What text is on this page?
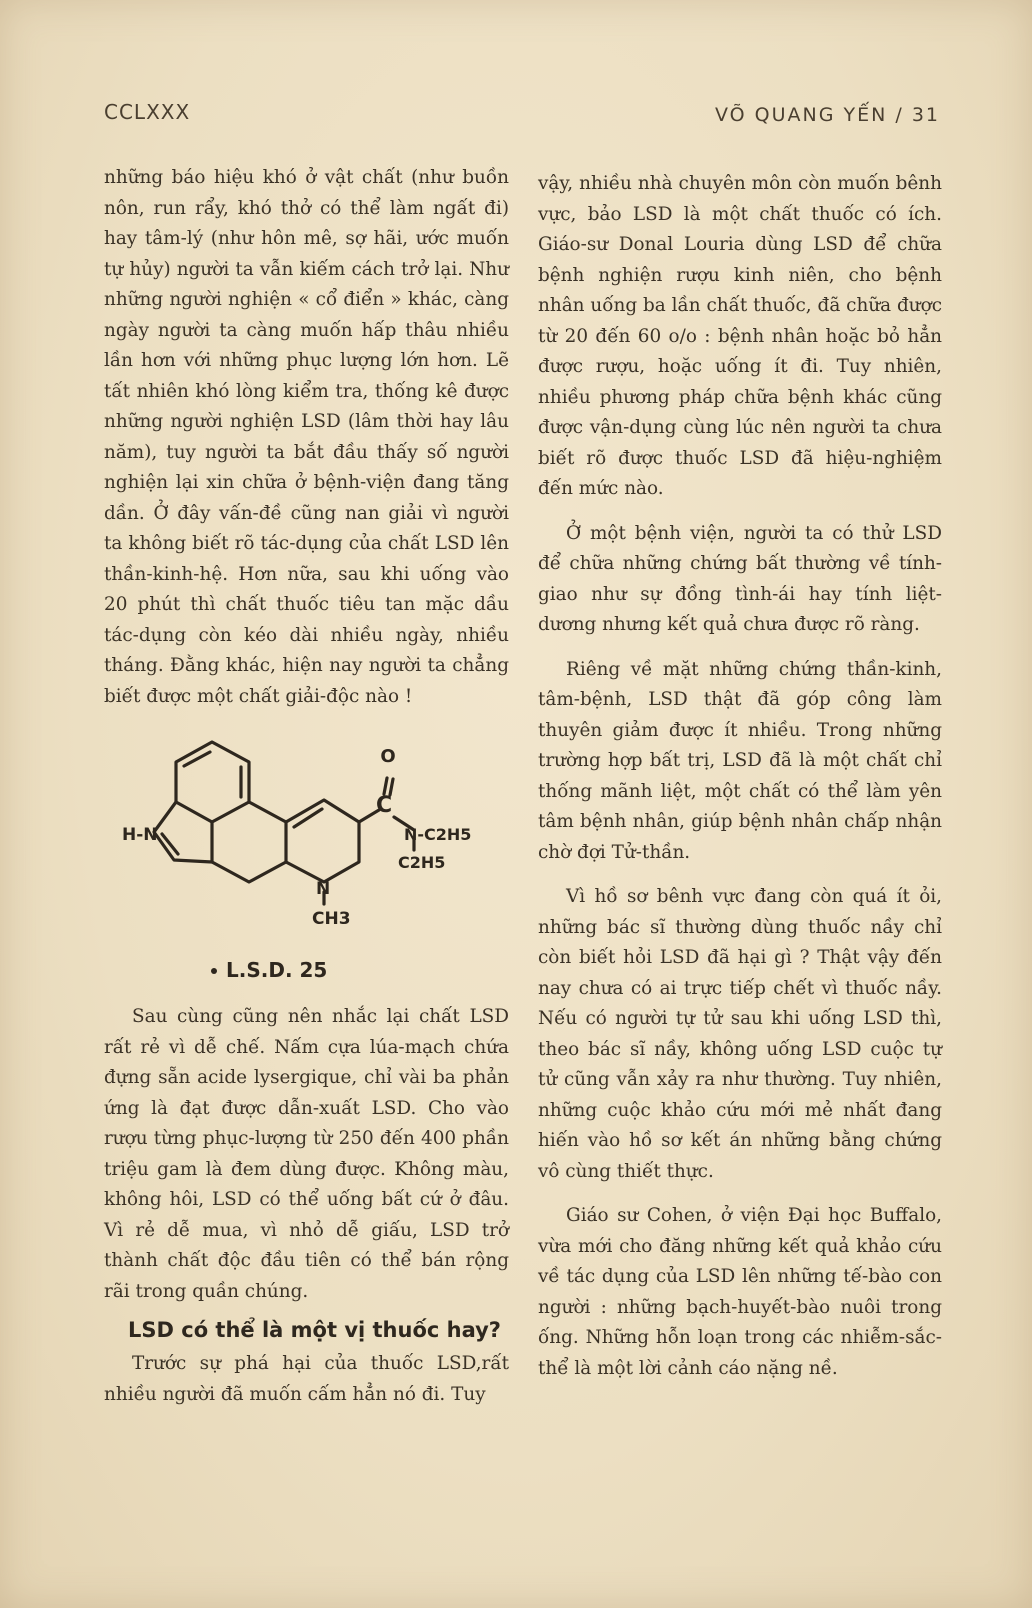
CCLXXX	VÕ QUANG YẾN / 31

những báo hiệu khó ở vật chất (như buồn nôn, run rẩy, khó thở có thể làm ngất đi) hay tâm-lý (như hôn mê, sợ hãi, ước muốn tự hủy) người ta vẫn kiếm cách trở lại. Như những người nghiện « cổ điển » khác, càng ngày người ta càng muốn hấp thâu nhiều lần hơn với những phục lượng lớn hơn. Lẽ tất nhiên khó lòng kiểm tra, thống kê được những người nghiện LSD (lâm thời hay lâu năm), tuy người ta bắt đầu thấy số người nghiện lại xin chữa ở bệnh-viện đang tăng dần. Ở đây vấn-đề cũng nan giải vì người ta không biết rõ tác-dụng của chất LSD lên thần-kinh-hệ. Hơn nữa, sau khi uống vào 20 phút thì chất thuốc tiêu tan mặc dầu tác-dụng còn kéo dài nhiều ngày, nhiều tháng. Đằng khác, hiện nay người ta chẳng biết được một chất giải-độc nào !

O
C
N-C2H5
C2H5
H-N
N
CH3
L.S.D. 25

Sau cùng cũng nên nhắc lại chất LSD rất rẻ vì dễ chế. Nấm cựa lúa-mạch chứa đựng sẵn acide lysergique, chỉ vài ba phản ứng là đạt được dẫn-xuất LSD. Cho vào rượu từng phục-lượng từ 250 đến 400 phần triệu gam là đem dùng được. Không màu, không hôi, LSD có thể uống bất cứ ở đâu. Vì rẻ dễ mua, vì nhỏ dễ giấu, LSD trở thành chất độc đầu tiên có thể bán rộng rãi trong quần chúng.

LSD có thể là một vị thuốc hay?

Trước sự phá hại của thuốc LSD,rất nhiều người đã muốn cấm hẳn nó đi. Tuy

vậy, nhiều nhà chuyên môn còn muốn bênh vực, bảo LSD là một chất thuốc có ích. Giáo-sư Donal Louria dùng LSD để chữa bệnh nghiện rượu kinh niên, cho bệnh nhân uống ba lần chất thuốc, đã chữa được từ 20 đến 60 o/o : bệnh nhân hoặc bỏ hẳn được rượu, hoặc uống ít đi. Tuy nhiên, nhiều phương pháp chữa bệnh khác cũng được vận-dụng cùng lúc nên người ta chưa biết rõ được thuốc LSD đã hiệu-nghiệm đến mức nào.

Ở một bệnh viện, người ta có thử LSD để chữa những chứng bất thường về tính-giao như sự đồng tình-ái hay tính liệt-dương nhưng kết quả chưa được rõ ràng.

Riêng về mặt những chứng thần-kinh, tâm-bệnh, LSD thật đã góp công làm thuyên giảm được ít nhiều. Trong những trường hợp bất trị, LSD đã là một chất chỉ thống mãnh liệt, một chất có thể làm yên tâm bệnh nhân, giúp bệnh nhân chấp nhận chờ đợi Tử-thần.

Vì hồ sơ bênh vực đang còn quá ít ỏi, những bác sĩ thường dùng thuốc nầy chỉ còn biết hỏi LSD đã hại gì ? Thật vậy đến nay chưa có ai trực tiếp chết vì thuốc nầy. Nếu có người tự tử sau khi uống LSD thì, theo bác sĩ nầy, không uống LSD cuộc tự tử cũng vẫn xảy ra như thường. Tuy nhiên, những cuộc khảo cứu mới mẻ nhất đang hiến vào hồ sơ kết án những bằng chứng vô cùng thiết thực.

Giáo sư Cohen, ở viện Đại học Buffalo, vừa mới cho đăng những kết quả khảo cứu về tác dụng của LSD lên những tế-bào con người : những bạch-huyết-bào nuôi trong ống. Những hỗn loạn trong các nhiễm-sắc-thể là một lời cảnh cáo nặng nề.
